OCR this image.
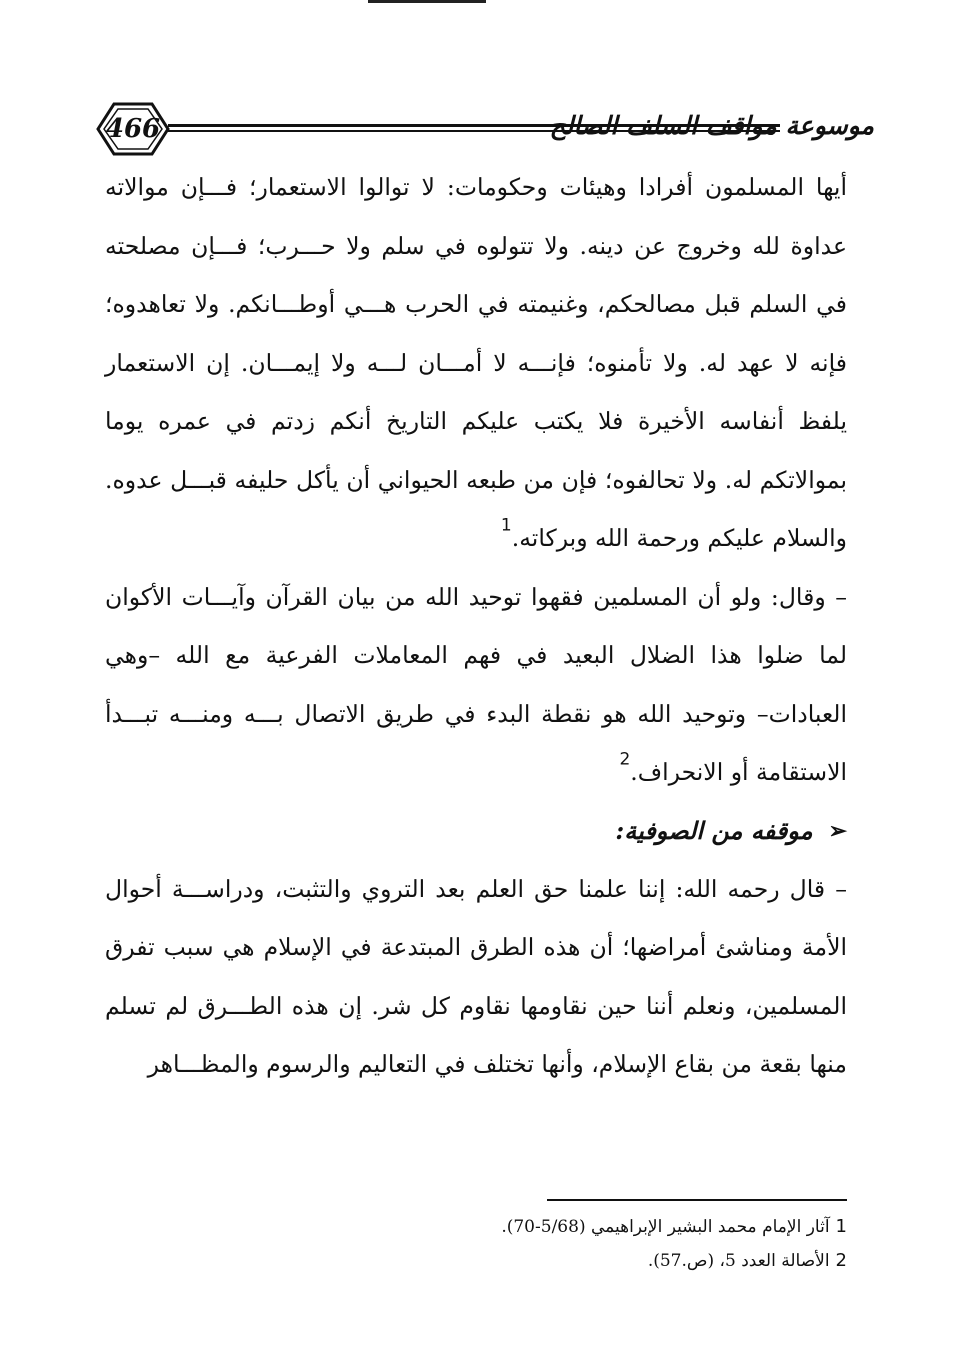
466	موسوعة مواقف السلف الصالح

أيها المسلمون أفرادا وهيئات وحكومات: لا توالوا الاستعمار؛ فـــإن موالاته عداوة لله وخروج عن دينه. ولا تتولوه في سلم ولا حـــرب؛ فـــإن مصلحته في السلم قبل مصالحكم، وغنيمته في الحرب هـــي أوطـــانكم. ولا تعاهدوه؛ فإنه لا عهد له. ولا تأمنوه؛ فإنـــه لا أمـــان لـــه ولا إيمـــان. إن الاستعمار يلفظ أنفاسه الأخيرة فلا يكتب عليكم التاريخ أنكم زدتم في عمره يوما بموالاتكم له. ولا تحالفوه؛ فإن من طبعه الحيواني أن يأكل حليفه قبـــل عدوه. والسلام عليكم ورحمة الله وبركاته.$^1$

– وقال: ولو أن المسلمين فقهوا توحيد الله من بيان القرآن وآيـــات الأكوان لما ضلوا هذا الضلال البعيد في فهم المعاملات الفرعية مع الله –وهي العبادات– وتوحيد الله هو نقطة البدء في طريق الاتصال بـــه ومنـــه تبـــدأ الاستقامة أو الانحراف.$^2$

➢
موقفه من الصوفية:

– قال رحمه الله: إننا علمنا حق العلم بعد التروي والتثبت، ودراســـة أحوال الأمة ومناشئ أمراضها؛ أن هذه الطرق المبتدعة في الإسلام هي سبب تفرق المسلمين، ونعلم أننا حين نقاومها نقاوم كل شر. إن هذه الطـــرق لم تسلم منها بقعة من بقاع الإسلام، وأنها تختلف في التعاليم والرسوم والمظـــاهر

1آثار الإمام محمد البشير الإبراهيمي (5/68-70).
2الأصالة العدد 5، (ص.57).
